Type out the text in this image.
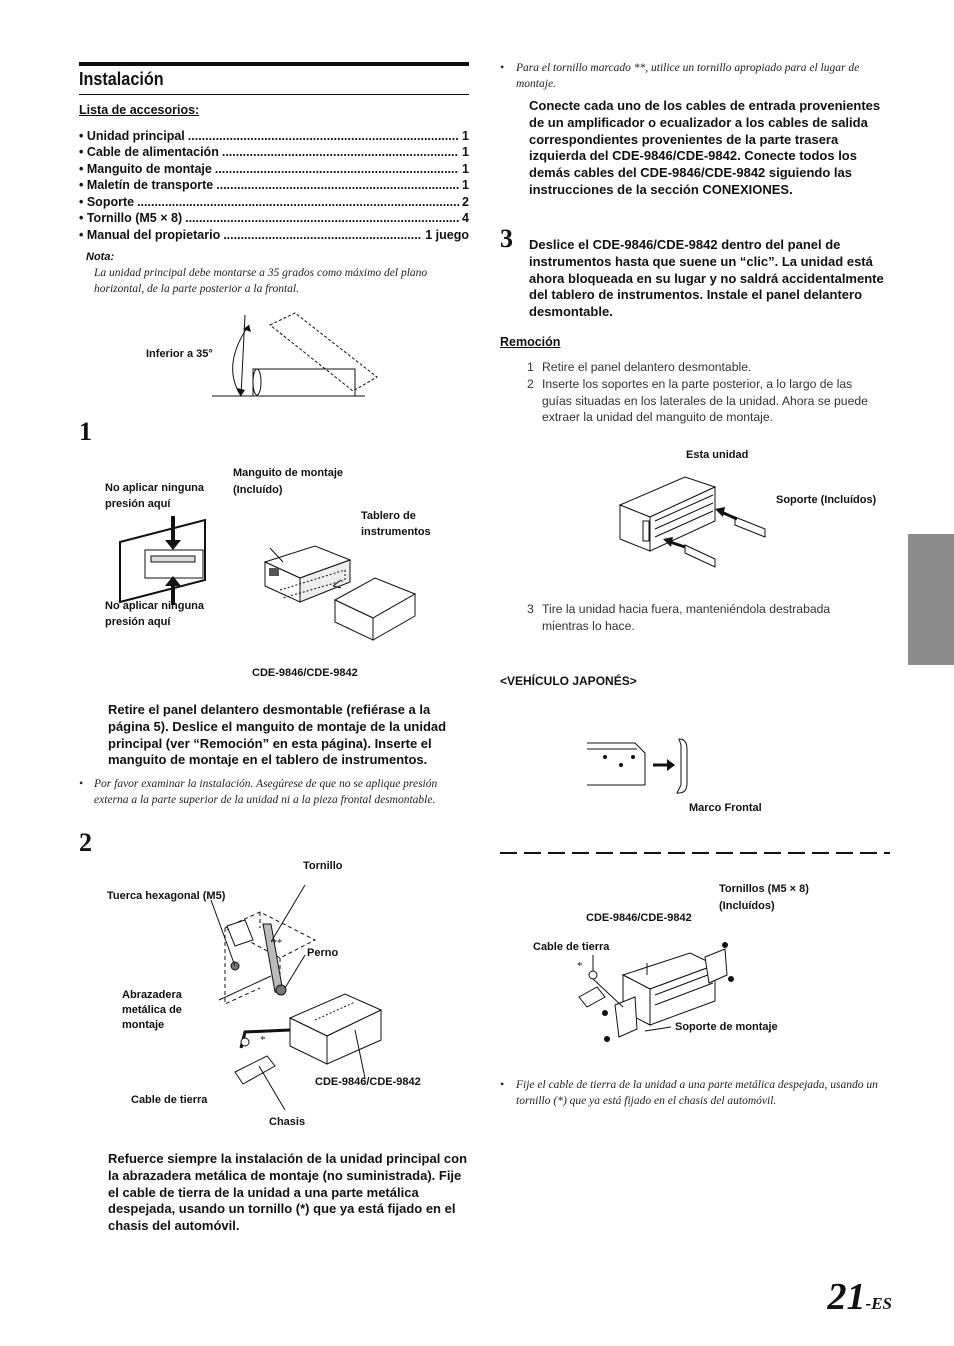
Instalación
Lista de accesorios:
• Unidad principal .....	1
• Cable de alimentación .....	1
• Manguito de montaje .....	1
• Maletín de transporte .....	1
• Soporte .....	2
• Tornillo (M5 × 8) .....	4
• Manual del propietario .....	1 juego
Nota:
La unidad principal debe montarse a 35 grados como máximo del plano horizontal, de la parte posterior a la frontal.
Inferior a 35°
1
No aplicar ninguna presión aquí
Manguito de montaje (Incluído)
Tablero de instrumentos
No aplicar ninguna presión aquí
CDE-9846/CDE-9842
Retire el panel delantero desmontable (refiérase a la página 5). Deslice el manguito de montaje de la unidad principal (ver “Remoción” en esta página). Inserte el manguito de montaje en el tablero de instrumentos.
• Por favor examinar la instalación. Asegúrese de que no se aplique presión externa a la parte superior de la unidad ni a la pieza frontal desmontable.
2
Tornillo
Tuerca hexagonal (M5)
Perno
Abrazadera metálica de montaje
**
*
CDE-9846/CDE-9842
Cable de tierra
Chasis
Refuerce siempre la instalación de la unidad principal con la abrazadera metálica de montaje (no suministrada). Fije el cable de tierra de la unidad a una parte metálica despejada, usando un tornillo (*) que ya está fijado en el chasis del automóvil.
• Para el tornillo marcado **, utilice un tornillo apropiado para el lugar de montaje.
Conecte cada uno de los cables de entrada provenientes de un amplificador o ecualizador a los cables de salida correspondientes provenientes de la parte trasera izquierda del CDE-9846/CDE-9842. Conecte todos los demás cables del CDE-9846/CDE-9842 siguiendo las instrucciones de la sección CONEXIONES.
3 Deslice el CDE-9846/CDE-9842 dentro del panel de instrumentos hasta que suene un “clic”. La unidad está ahora bloqueada en su lugar y no saldrá accidentalmente del tablero de instrumentos. Instale el panel delantero desmontable.
Remoción
1 Retire el panel delantero desmontable.
2 Inserte los soportes en la parte posterior, a lo largo de las guías situadas en los laterales de la unidad. Ahora se puede extraer la unidad del manguito de montaje.
Esta unidad
Soporte (Incluídos)
3 Tire la unidad hacia fuera, manteniéndola destrabada mientras lo hace.
<VEHÍCULO JAPONÉS>
Marco Frontal
Tornillos (M5 × 8) (Incluídos)
CDE-9846/CDE-9842
Cable de tierra
*
Soporte de montaje
• Fije el cable de tierra de la unidad a una parte metálica despejada, usando un tornillo (*) que ya está fijado en el chasis del automóvil.
21-ES
